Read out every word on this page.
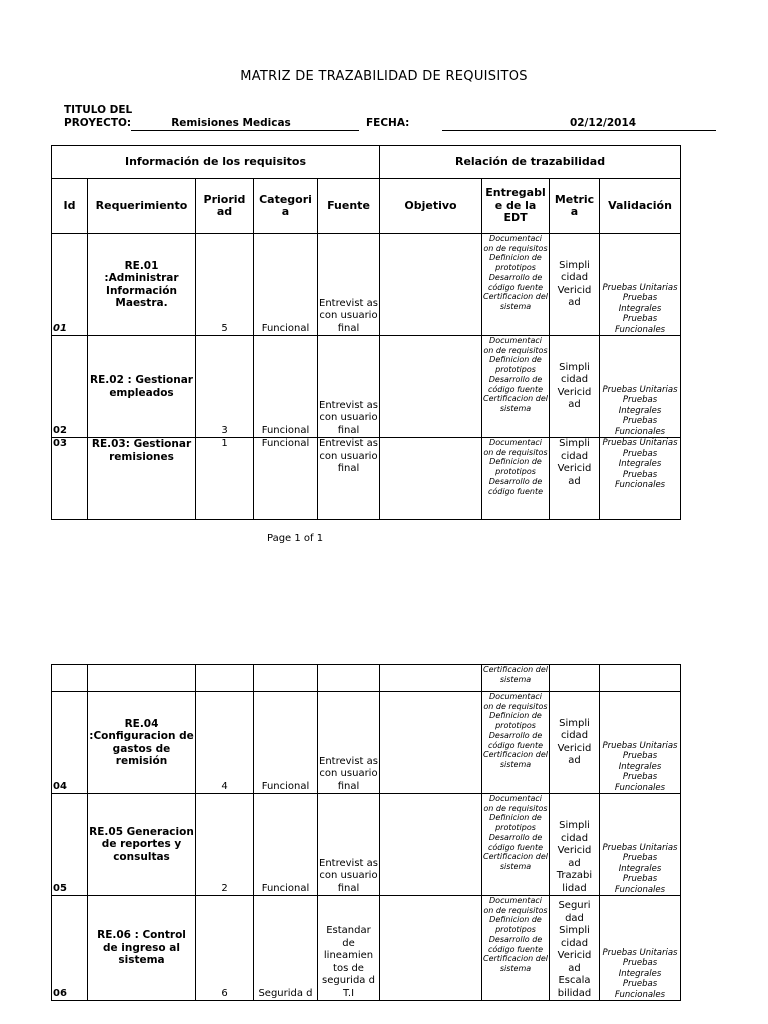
MATRIZ DE TRAZABILIDAD DE REQUISITOS
TITULO DEL
PROYECTO:	Remisiones Medicas	FECHA:	02/12/2014
Información de los requisitos					Relación de trazabilidad			
Id	Requerimiento	Priorid ad	Categori a	Fuente	Objetivo	Entregabl e de la EDT	Metric a	Validación
01	RE.01 :Administrar Información Maestra.	5	Funcional	Entrevist as con usuario final		Documentaci on de requisitos Definicion de prototipos Desarrollo de código fuente Certificacion del sistema	Simpli cidad Vericid ad	Pruebas Unitarias Pruebas Integrales Pruebas Funcionales
02	RE.02 : Gestionar empleados	3	Funcional	Entrevist as con usuario final		Documentaci on de requisitos Definicion de prototipos Desarrollo de código fuente Certificacion del sistema	Simpli cidad Vericid ad	Pruebas Unitarias Pruebas Integrales Pruebas Funcionales
03	RE.03: Gestionar remisiones	1	Funcional	Entrevist as con usuario final		Documentaci on de requisitos Definicion de prototipos Desarrollo de código fuente	Simpli cidad Vericid ad	Pruebas Unitarias Pruebas Integrales Pruebas Funcionales
Page 1 of 1
						Certificacion del sistema		
04	RE.04 :Configuracion de gastos de remisión	4	Funcional	Entrevist as con usuario final		Documentaci on de requisitos Definicion de prototipos Desarrollo de código fuente Certificacion del sistema	Simpli cidad Vericid ad	Pruebas Unitarias Pruebas Integrales Pruebas Funcionales
05	RE.05 Generacion de reportes y consultas	2	Funcional	Entrevist as con usuario final		Documentaci on de requisitos Definicion de prototipos Desarrollo de código fuente Certificacion del sistema	Simpli cidad Vericid ad Trazabi lidad	Pruebas Unitarias Pruebas Integrales Pruebas Funcionales
06	RE.06 : Control de ingreso al sistema	6	Segurida d	Estandar de lineamien tos de segurida d T.I		Documentaci on de requisitos Definicion de prototipos Desarrollo de código fuente Certificacion del sistema	Seguri dad Simpli cidad Vericid ad Escala bilidad	Pruebas Unitarias Pruebas Integrales Pruebas Funcionales
